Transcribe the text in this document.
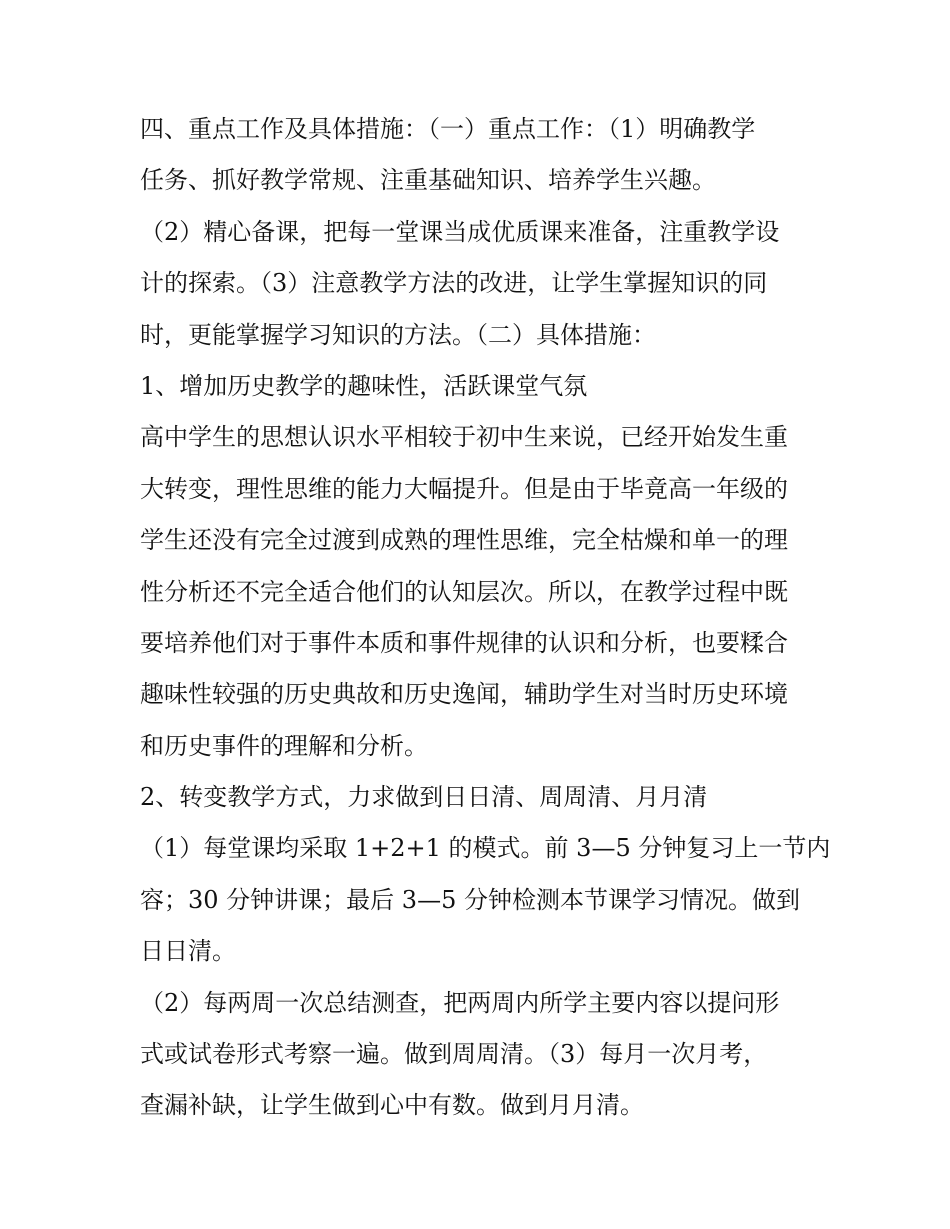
四、重点工作及具体措施：（一）重点工作：（1）明确教学
任务、抓好教学常规、注重基础知识、培养学生兴趣。
（2）精心备课，把每一堂课当成优质课来准备，注重教学设
计的探索。（3）注意教学方法的改进，让学生掌握知识的同
时，更能掌握学习知识的方法。（二）具体措施：
1、增加历史教学的趣味性，活跃课堂气氛
高中学生的思想认识水平相较于初中生来说，已经开始发生重
大转变，理性思维的能力大幅提升。但是由于毕竟高一年级的
学生还没有完全过渡到成熟的理性思维，完全枯燥和单一的理
性分析还不完全适合他们的认知层次。所以，在教学过程中既
要培养他们对于事件本质和事件规律的认识和分析，也要糅合
趣味性较强的历史典故和历史逸闻，辅助学生对当时历史环境
和历史事件的理解和分析。
2、转变教学方式，力求做到日日清、周周清、月月清
（1）每堂课均采取 1+2+1 的模式。前 3—5 分钟复习上一节内
容；30 分钟讲课；最后 3—5 分钟检测本节课学习情况。做到
日日清。
（2）每两周一次总结测查，把两周内所学主要内容以提问形
式或试卷形式考察一遍。做到周周清。（3）每月一次月考，
查漏补缺，让学生做到心中有数。做到月月清。
